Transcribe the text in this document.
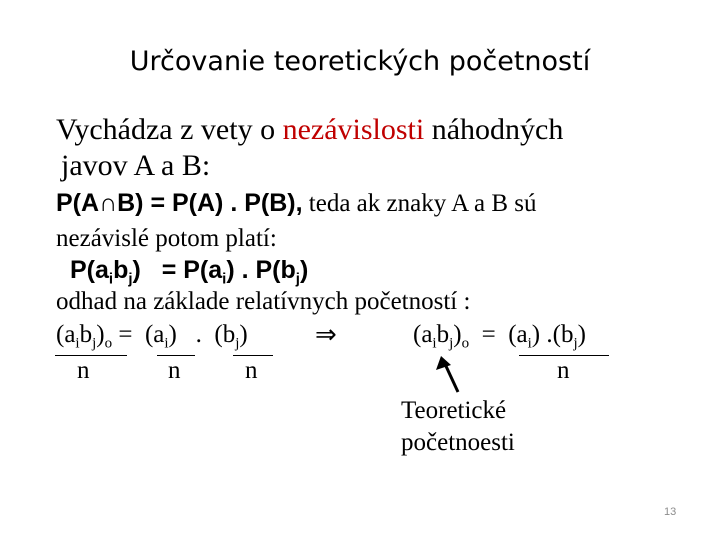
Určovanie teoretických početností
Vychádza z vety o nezávislosti náhodných
javov A a B:
P(A∩B) = P(A) . P(B), teda ak znaky A a B sú
nezávislé potom platí:
$P(a_ib_j) = P(a_i)$ . $P(b_j)$
odhad na základe relatívnych početností :
$(a_ib_j)_o = (a_i)$   .  $(b_j)$	⇒	$(a_ib_j)_o = (a_i)$ $.(b_j)$
n	n	n	n
Teoretické
početnoesti
13
